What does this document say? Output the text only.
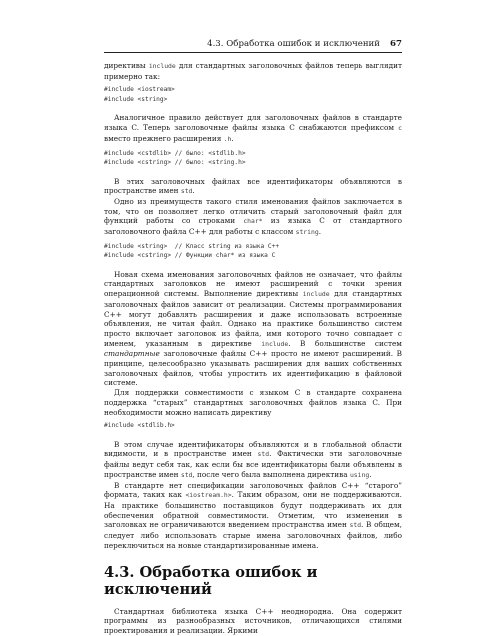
4.3. Обработка ошибок и исключений 67

директивы include для стандартных заголовочных файлов теперь выглядит примерно так:

#include <iostream>
#include <string>

Аналогичное правило действует для заголовочных файлов в стандарте языка C. Теперь заголовочные файлы языка C снабжаются префиксом c вместо прежнего расширения .h.

#include <cstdlib> // было: <stdlib.h>
#include <cstring> // было: <string.h>

В этих заголовочных файлах все идентификаторы объявляются в пространстве имен std.

Одно из преимуществ такого стиля именования файлов заключается в том, что он позволяет легко отличить старый заголовочный файл для функций работы со строками char* из языка C от стандартного заголовочного файла C++ для работы с классом string.

#include <string>  // Класс string из языка C++
#include <cstring> // Функции char* из языка C

Новая схема именования заголовочных файлов не означает, что файлы стандартных заголовков не имеют расширений с точки зрения операционной системы. Выполнение директивы include для стандартных заголовочных файлов зависит от реализации. Системы программирования C++ могут добавлять расширения и даже использовать встроенные объявления, не читая файл. Однако на практике большинство систем просто включает заголовок из файла, имя которого точно совпадает с именем, указанным в директиве include. В большинстве систем стандартные заголовочные файлы C++ просто не имеют расширений. В принципе, целесообразно указывать расширения для ваших собственных заголовочных файлов, чтобы упростить их идентификацию в файловой системе.

Для поддержки совместимости с языком C в стандарте сохранена поддержка “старых” стандартных заголовочных файлов языка C. При необходимости можно написать директиву

#include <stdlib.h>

В этом случае идентификаторы объявляются и в глобальной области видимости, и в пространстве имен std. Фактически эти заголовочные файлы ведут себя так, как если бы все идентификаторы были объявлены в пространстве имен std, после чего была выполнена директива using.

В стандарте нет спецификации заголовочных файлов C++ “старого” формата, таких как <iostream.h>. Таким образом, они не поддерживаются. На практике большинство поставщиков будут поддерживать их для обеспечения обратной совместимости. Отметим, что изменения в заголовках не ограничиваются введением пространства имен std. В общем, следует либо использовать старые имена заголовочных файлов, либо переключиться на новые стандартизированные имена.

4.3. Обработка ошибок и исключений

Стандартная библиотека языка C++ неоднородна. Она содержит программы из разнообразных источников, отличающихся стилями проектирования и реализации. Яркими
